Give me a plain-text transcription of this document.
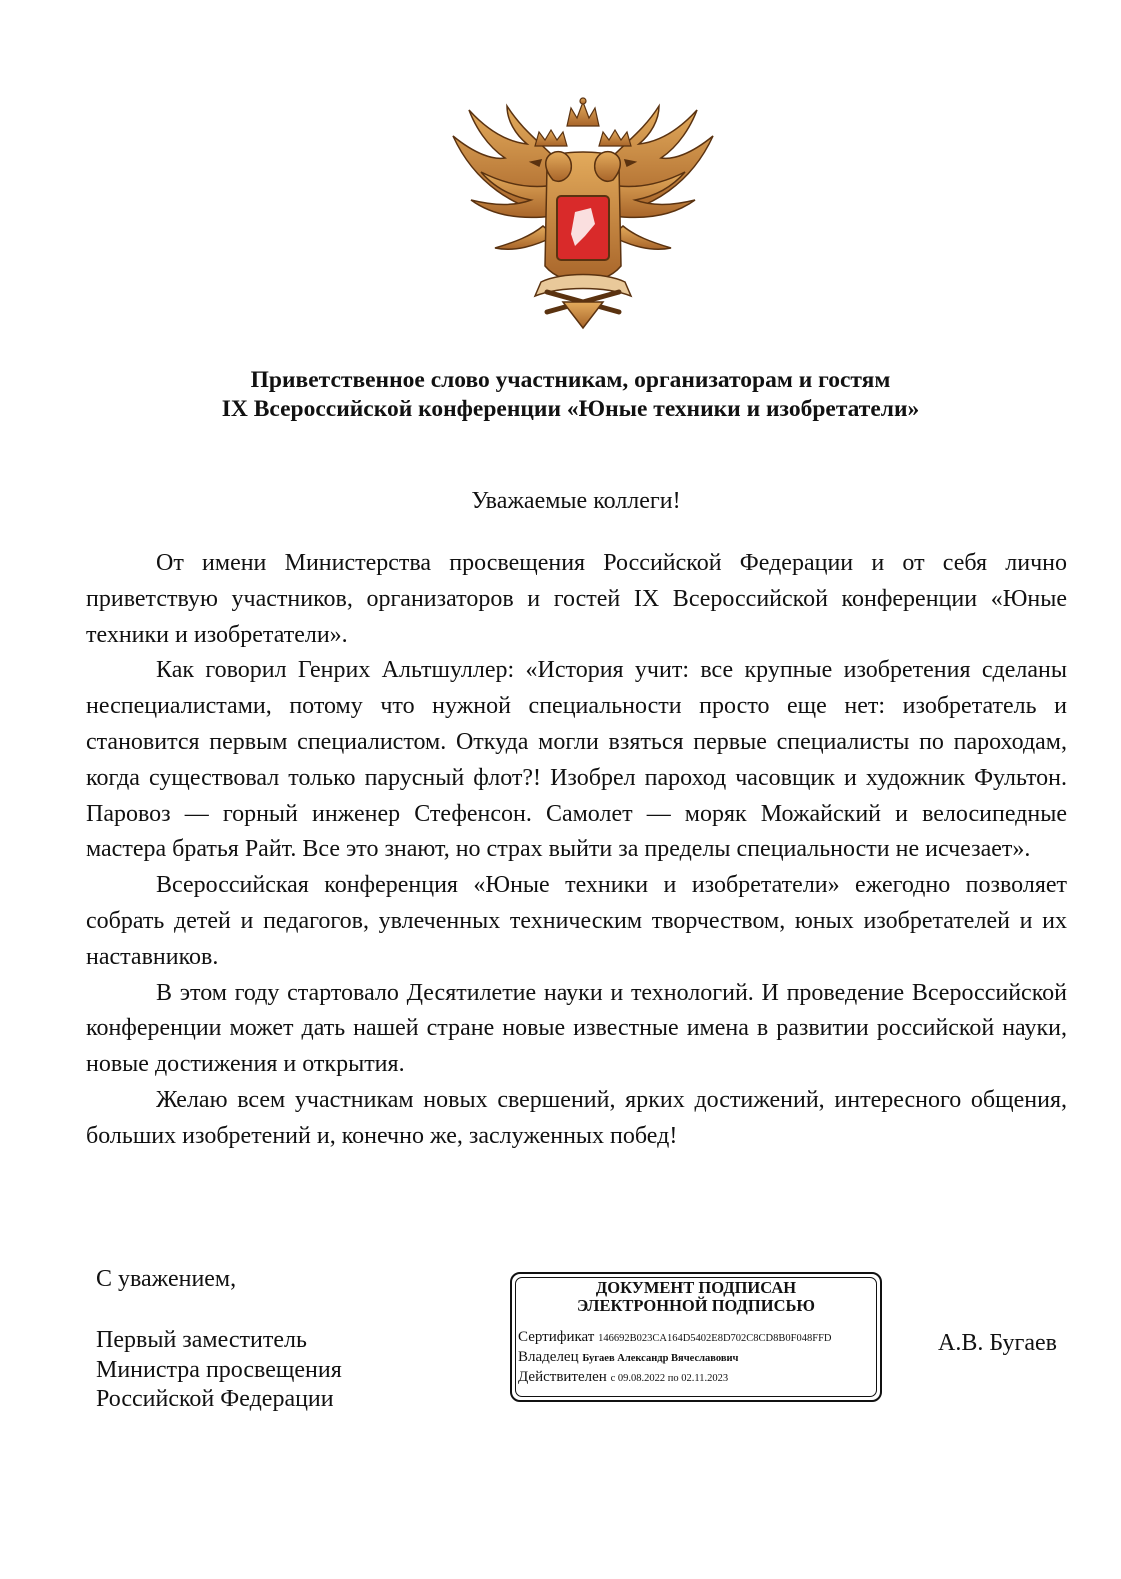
Приветственное слово участникам, организаторам и гостям
IX Всероссийской конференции «Юные техники и изобретатели»
Уважаемые коллеги!

От имени Министерства просвещения Российской Федерации и от себя лично приветствую участников, организаторов и гостей IX Всероссийской конференции «Юные техники и изобретатели».

Как говорил Генрих Альтшуллер: «История учит: все крупные изобретения сделаны неспециалистами, потому что нужной специальности просто еще нет: изобретатель и становится первым специалистом. Откуда могли взяться первые специалисты по пароходам, когда существовал только парусный флот?! Изобрел пароход часовщик и художник Фультон. Паровоз — горный инженер Стефенсон. Самолет — моряк Можайский и велосипедные мастера братья Райт. Все это знают, но страх выйти за пределы специальности не исчезает».

Всероссийская конференция «Юные техники и изобретатели» ежегодно позволяет собрать детей и педагогов, увлеченных техническим творчеством, юных изобретателей и их наставников.

В этом году стартовало Десятилетие науки и технологий. И проведение Всероссийской конференции может дать нашей стране новые известные имена в развитии российской науки, новые достижения и открытия.

Желаю всем участникам новых свершений, ярких достижений, интересного общения, больших изобретений и, конечно же, заслуженных побед!

С уважением,
Первый заместитель
Министра просвещения
Российской Федерации
ДОКУМЕНТ ПОДПИСАН
ЭЛЕКТРОННОЙ ПОДПИСЬЮ
Сертификат 146692B023CA164D5402E8D702C8CD8B0F048FFD
Владелец Бугаев Александр Вячеславович
Действителен с 09.08.2022 по 02.11.2023
А.В. Бугаев
